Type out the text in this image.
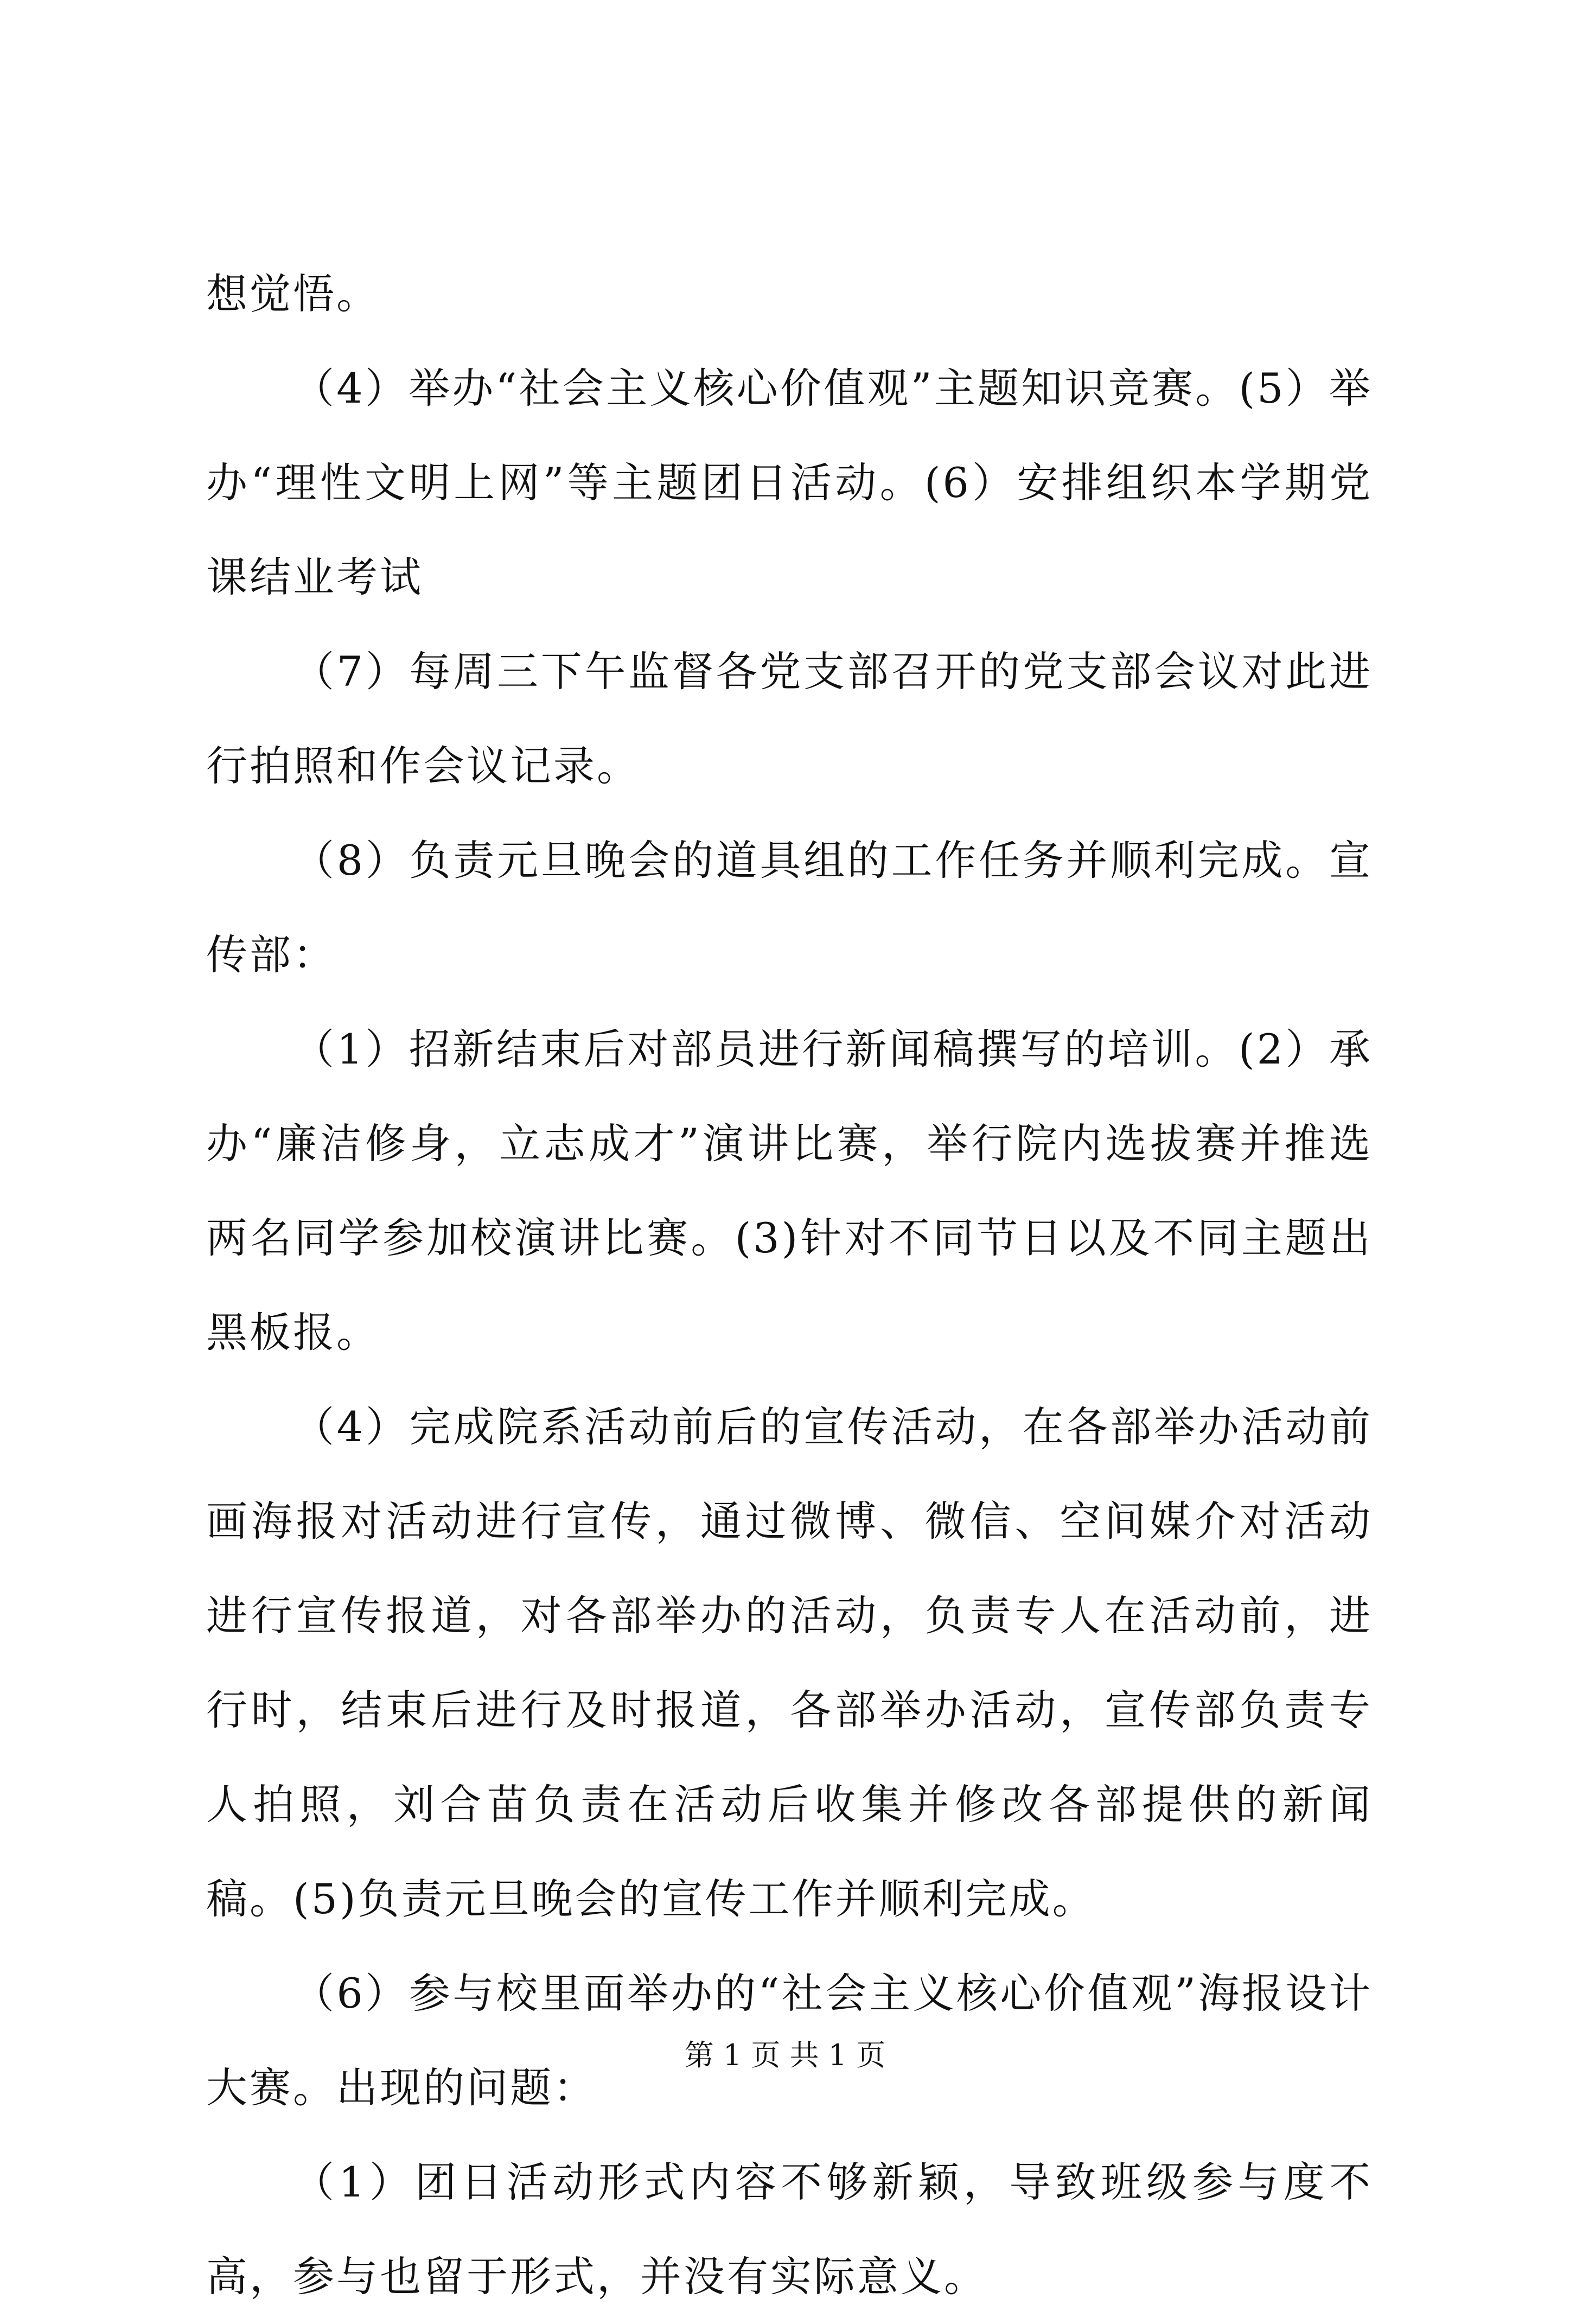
想觉悟。

（4）举办“社会主义核心价值观”主题知识竞赛。(5）举办“理性文明上网”等主题团日活动。(6）安排组织本学期党课结业考试

（7）每周三下午监督各党支部召开的党支部会议对此进行拍照和作会议记录。

（8）负责元旦晚会的道具组的工作任务并顺利完成。宣传部：

（1）招新结束后对部员进行新闻稿撰写的培训。(2）承办“廉洁修身，立志成才”演讲比赛，举行院内选拔赛并推选两名同学参加校演讲比赛。(3)针对不同节日以及不同主题出黑板报。

（4）完成院系活动前后的宣传活动，在各部举办活动前画海报对活动进行宣传，通过微博、微信、空间媒介对活动进行宣传报道，对各部举办的活动，负责专人在活动前，进行时，结束后进行及时报道，各部举办活动，宣传部负责专人拍照，刘合苗负责在活动后收集并修改各部提供的新闻稿。(5)负责元旦晚会的宣传工作并顺利完成。

（6）参与校里面举办的“社会主义核心价值观”海报设计大赛。出现的问题：

（1）团日活动形式内容不够新颖，导致班级参与度不高，参与也留于形式，并没有实际意义。

第 1 页 共 1 页
